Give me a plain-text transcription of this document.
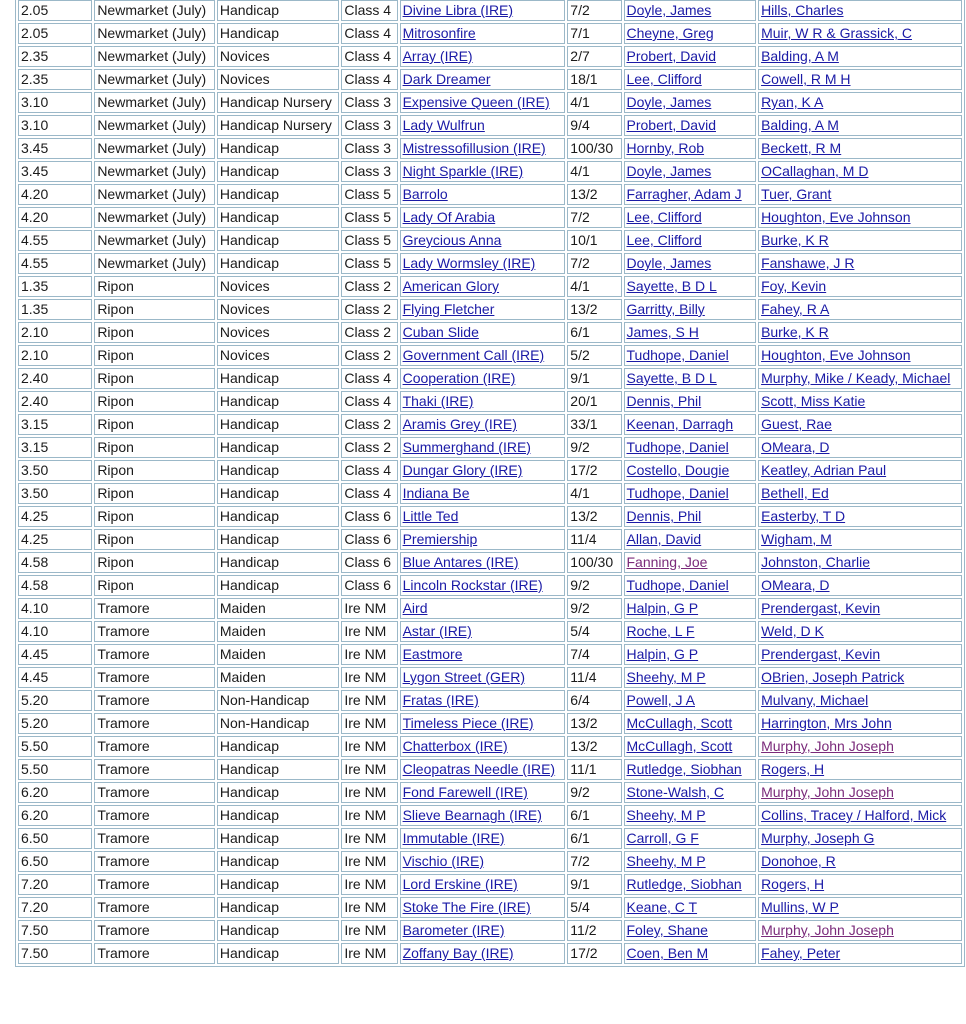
2.05	Newmarket (July)	Handicap	Class 4	Divine Libra (IRE)	7/2	Doyle, James	Hills, Charles
2.05	Newmarket (July)	Handicap	Class 4	Mitrosonfire	7/1	Cheyne, Greg	Muir, W R & Grassick, C
2.35	Newmarket (July)	Novices	Class 4	Array (IRE)	2/7	Probert, David	Balding, A M
2.35	Newmarket (July)	Novices	Class 4	Dark Dreamer	18/1	Lee, Clifford	Cowell, R M H
3.10	Newmarket (July)	Handicap Nursery	Class 3	Expensive Queen (IRE)	4/1	Doyle, James	Ryan, K A
3.10	Newmarket (July)	Handicap Nursery	Class 3	Lady Wulfrun	9/4	Probert, David	Balding, A M
3.45	Newmarket (July)	Handicap	Class 3	Mistressofillusion (IRE)	100/30	Hornby, Rob	Beckett, R M
3.45	Newmarket (July)	Handicap	Class 3	Night Sparkle (IRE)	4/1	Doyle, James	OCallaghan, M D
4.20	Newmarket (July)	Handicap	Class 5	Barrolo	13/2	Farragher, Adam J	Tuer, Grant
4.20	Newmarket (July)	Handicap	Class 5	Lady Of Arabia	7/2	Lee, Clifford	Houghton, Eve Johnson
4.55	Newmarket (July)	Handicap	Class 5	Greycious Anna	10/1	Lee, Clifford	Burke, K R
4.55	Newmarket (July)	Handicap	Class 5	Lady Wormsley (IRE)	7/2	Doyle, James	Fanshawe, J R
1.35	Ripon	Novices	Class 2	American Glory	4/1	Sayette, B D L	Foy, Kevin
1.35	Ripon	Novices	Class 2	Flying Fletcher	13/2	Garritty, Billy	Fahey, R A
2.10	Ripon	Novices	Class 2	Cuban Slide	6/1	James, S H	Burke, K R
2.10	Ripon	Novices	Class 2	Government Call (IRE)	5/2	Tudhope, Daniel	Houghton, Eve Johnson
2.40	Ripon	Handicap	Class 4	Cooperation (IRE)	9/1	Sayette, B D L	Murphy, Mike / Keady, Michael
2.40	Ripon	Handicap	Class 4	Thaki (IRE)	20/1	Dennis, Phil	Scott, Miss Katie
3.15	Ripon	Handicap	Class 2	Aramis Grey (IRE)	33/1	Keenan, Darragh	Guest, Rae
3.15	Ripon	Handicap	Class 2	Summerghand (IRE)	9/2	Tudhope, Daniel	OMeara, D
3.50	Ripon	Handicap	Class 4	Dungar Glory (IRE)	17/2	Costello, Dougie	Keatley, Adrian Paul
3.50	Ripon	Handicap	Class 4	Indiana Be	4/1	Tudhope, Daniel	Bethell, Ed
4.25	Ripon	Handicap	Class 6	Little Ted	13/2	Dennis, Phil	Easterby, T D
4.25	Ripon	Handicap	Class 6	Premiership	11/4	Allan, David	Wigham, M
4.58	Ripon	Handicap	Class 6	Blue Antares (IRE)	100/30	Fanning, Joe	Johnston, Charlie
4.58	Ripon	Handicap	Class 6	Lincoln Rockstar (IRE)	9/2	Tudhope, Daniel	OMeara, D
4.10	Tramore	Maiden	Ire NM	Aird	9/2	Halpin, G P	Prendergast, Kevin
4.10	Tramore	Maiden	Ire NM	Astar (IRE)	5/4	Roche, L F	Weld, D K
4.45	Tramore	Maiden	Ire NM	Eastmore	7/4	Halpin, G P	Prendergast, Kevin
4.45	Tramore	Maiden	Ire NM	Lygon Street (GER)	11/4	Sheehy, M P	OBrien, Joseph Patrick
5.20	Tramore	Non-Handicap	Ire NM	Fratas (IRE)	6/4	Powell, J A	Mulvany, Michael
5.20	Tramore	Non-Handicap	Ire NM	Timeless Piece (IRE)	13/2	McCullagh, Scott	Harrington, Mrs John
5.50	Tramore	Handicap	Ire NM	Chatterbox (IRE)	13/2	McCullagh, Scott	Murphy, John Joseph
5.50	Tramore	Handicap	Ire NM	Cleopatras Needle (IRE)	11/1	Rutledge, Siobhan	Rogers, H
6.20	Tramore	Handicap	Ire NM	Fond Farewell (IRE)	9/2	Stone-Walsh, C	Murphy, John Joseph
6.20	Tramore	Handicap	Ire NM	Slieve Bearnagh (IRE)	6/1	Sheehy, M P	Collins, Tracey / Halford, Mick
6.50	Tramore	Handicap	Ire NM	Immutable (IRE)	6/1	Carroll, G F	Murphy, Joseph G
6.50	Tramore	Handicap	Ire NM	Vischio (IRE)	7/2	Sheehy, M P	Donohoe, R
7.20	Tramore	Handicap	Ire NM	Lord Erskine (IRE)	9/1	Rutledge, Siobhan	Rogers, H
7.20	Tramore	Handicap	Ire NM	Stoke The Fire (IRE)	5/4	Keane, C T	Mullins, W P
7.50	Tramore	Handicap	Ire NM	Barometer (IRE)	11/2	Foley, Shane	Murphy, John Joseph
7.50	Tramore	Handicap	Ire NM	Zoffany Bay (IRE)	17/2	Coen, Ben M	Fahey, Peter
